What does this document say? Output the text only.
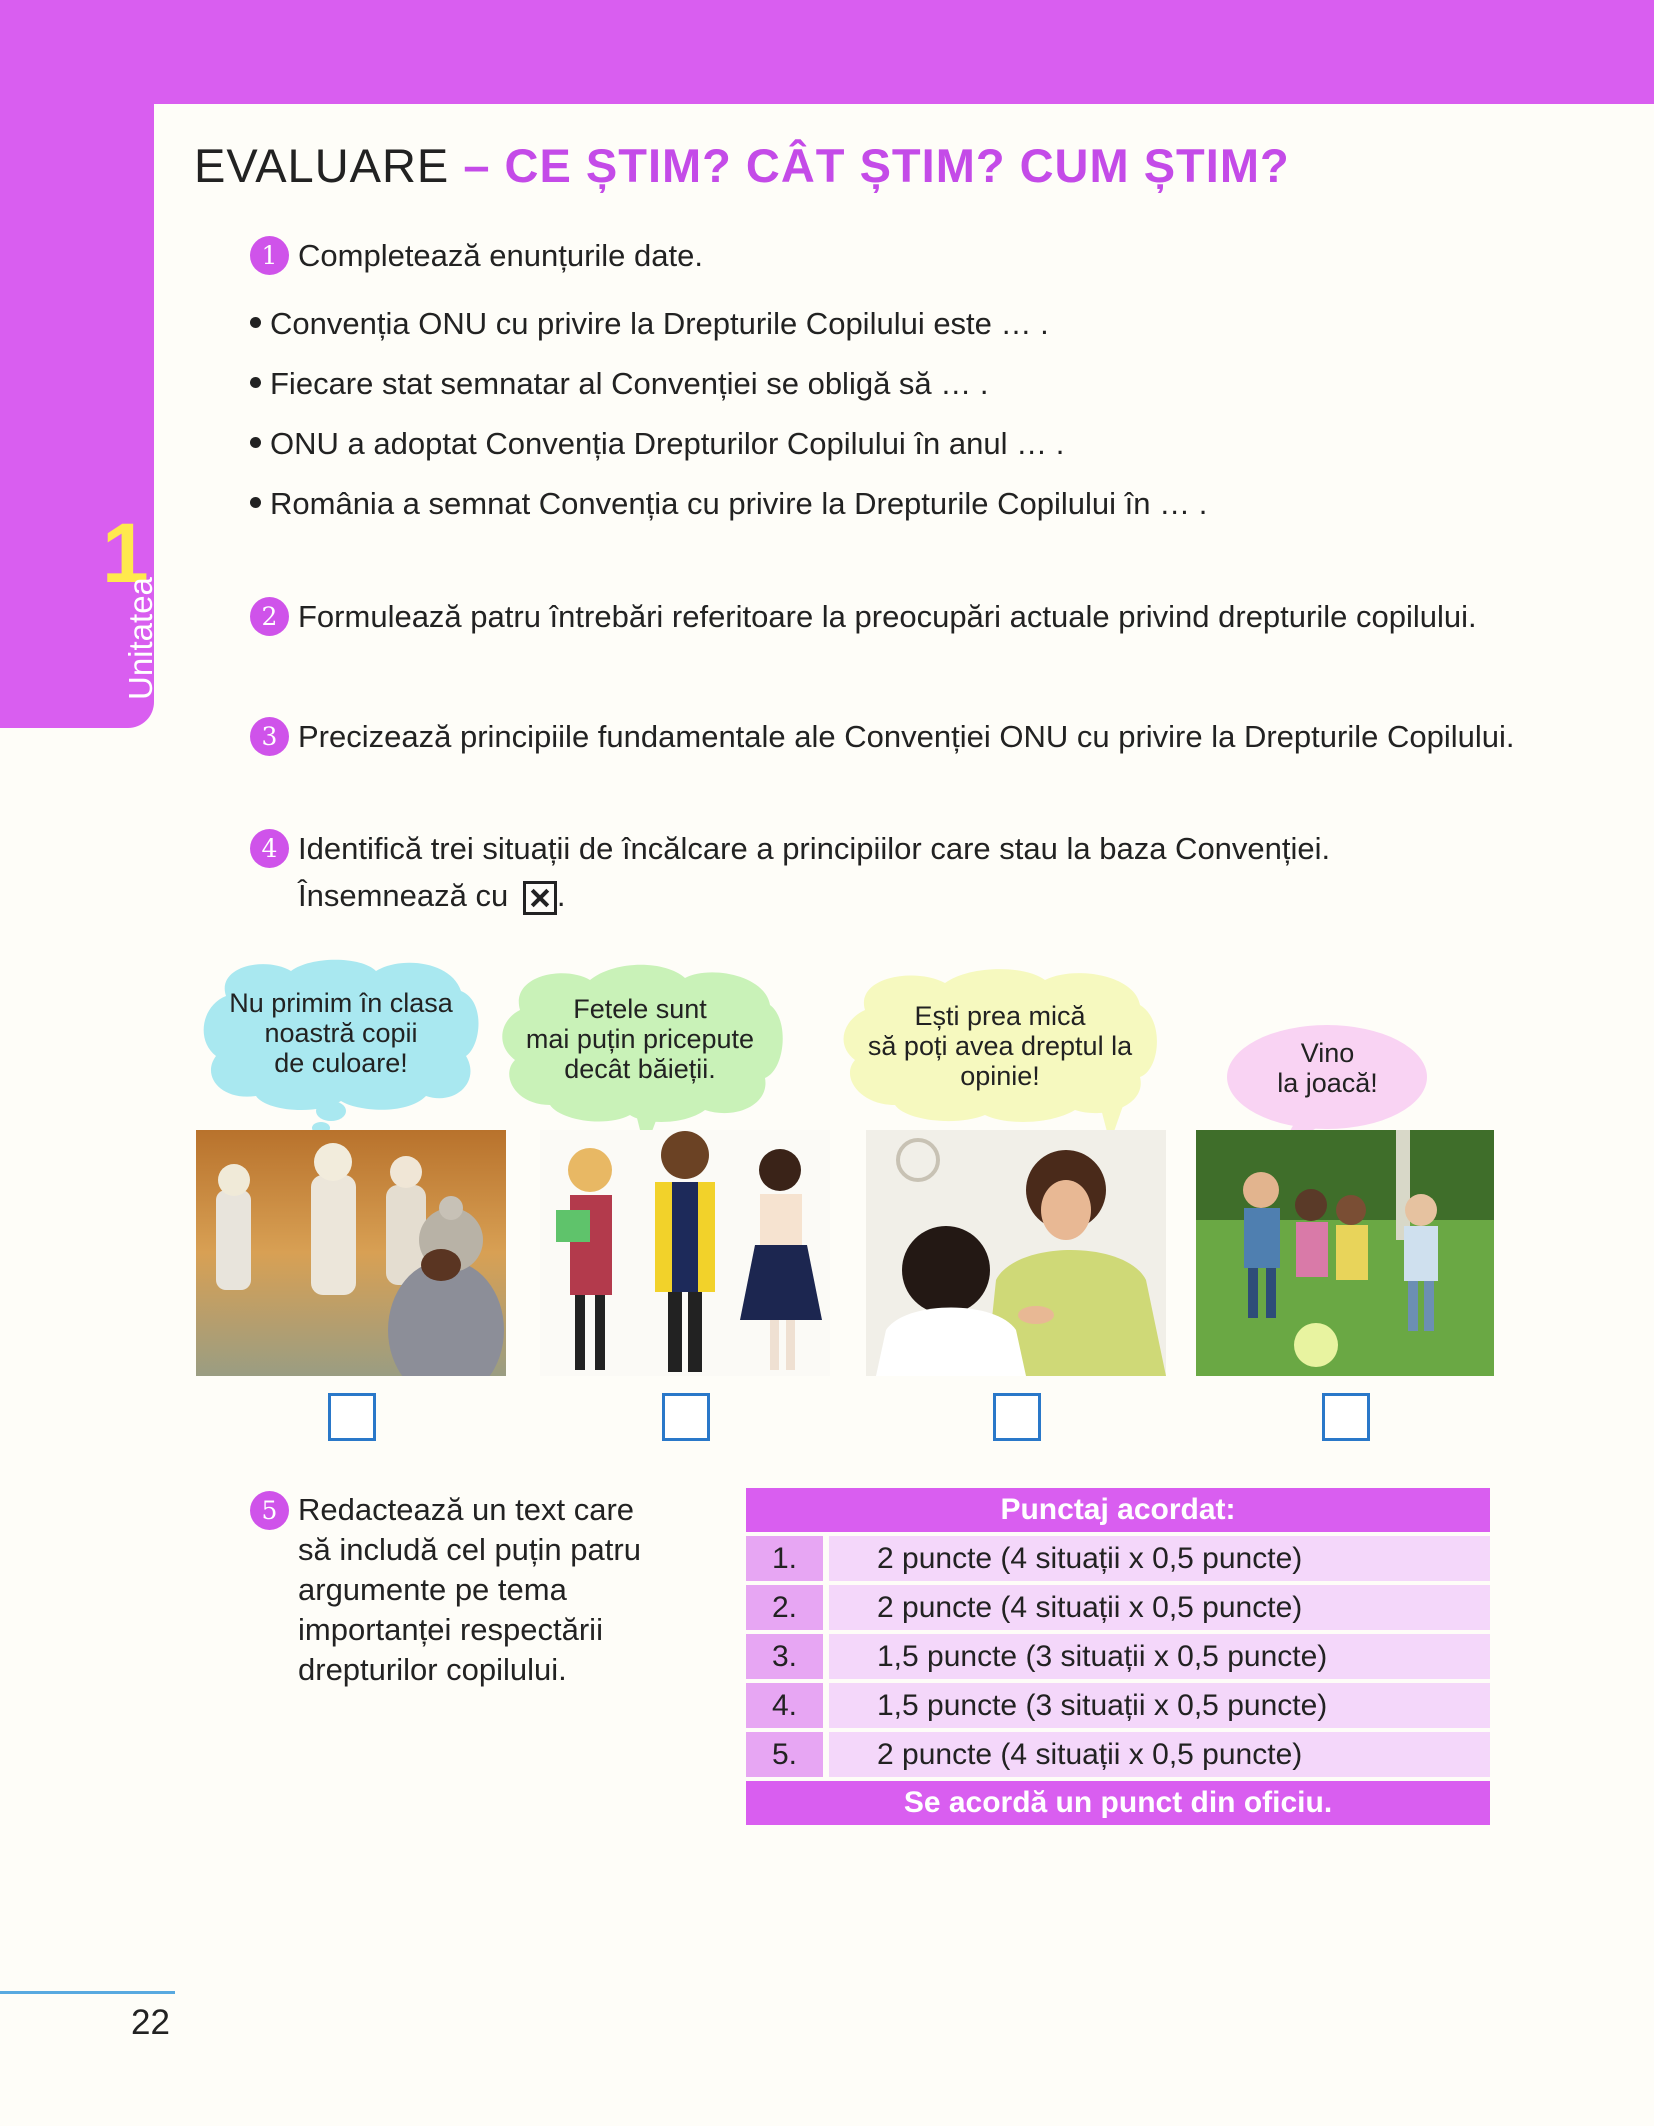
1
Unitatea
EVALUARE – CE ȘTIM? CÂT ȘTIM? CUM ȘTIM?
1 Completează enunțurile date.
Convenția ONU cu privire la Drepturile Copilului este … .
Fiecare stat semnatar al Convenției se obligă să … .
ONU a adoptat Convenția Drepturilor Copilului în anul … .
România a semnat Convenția cu privire la Drepturile Copilului în … .
2 Formulează patru întrebări referitoare la preocupări actuale privind drepturile copilului.
3 Precizează principiile fundamentale ale Convenției ONU cu privire la Drepturile Copilului.
4 Identifică trei situații de încălcare a principiilor care stau la baza Convenției.
Însemnează cu .
Nu primim în clasa
noastră copii
de culoare!
Fetele sunt
mai puțin pricepute
decât băieții.
Ești prea mică
să poți avea dreptul la
opinie!
Vino
la joacă!
5 Redactează un text care
să includă cel puțin patru
argumente pe tema
importanței respectării
drepturilor copilului.
Punctaj acordat:
1.	2 puncte (4 situații x 0,5 puncte)
2.	2 puncte (4 situații x 0,5 puncte)
3.	1,5 puncte (3 situații x 0,5 puncte)
4.	1,5 puncte (3 situații x 0,5 puncte)
5.	2 puncte (4 situații x 0,5 puncte)
Se acordă un punct din oficiu.
22
